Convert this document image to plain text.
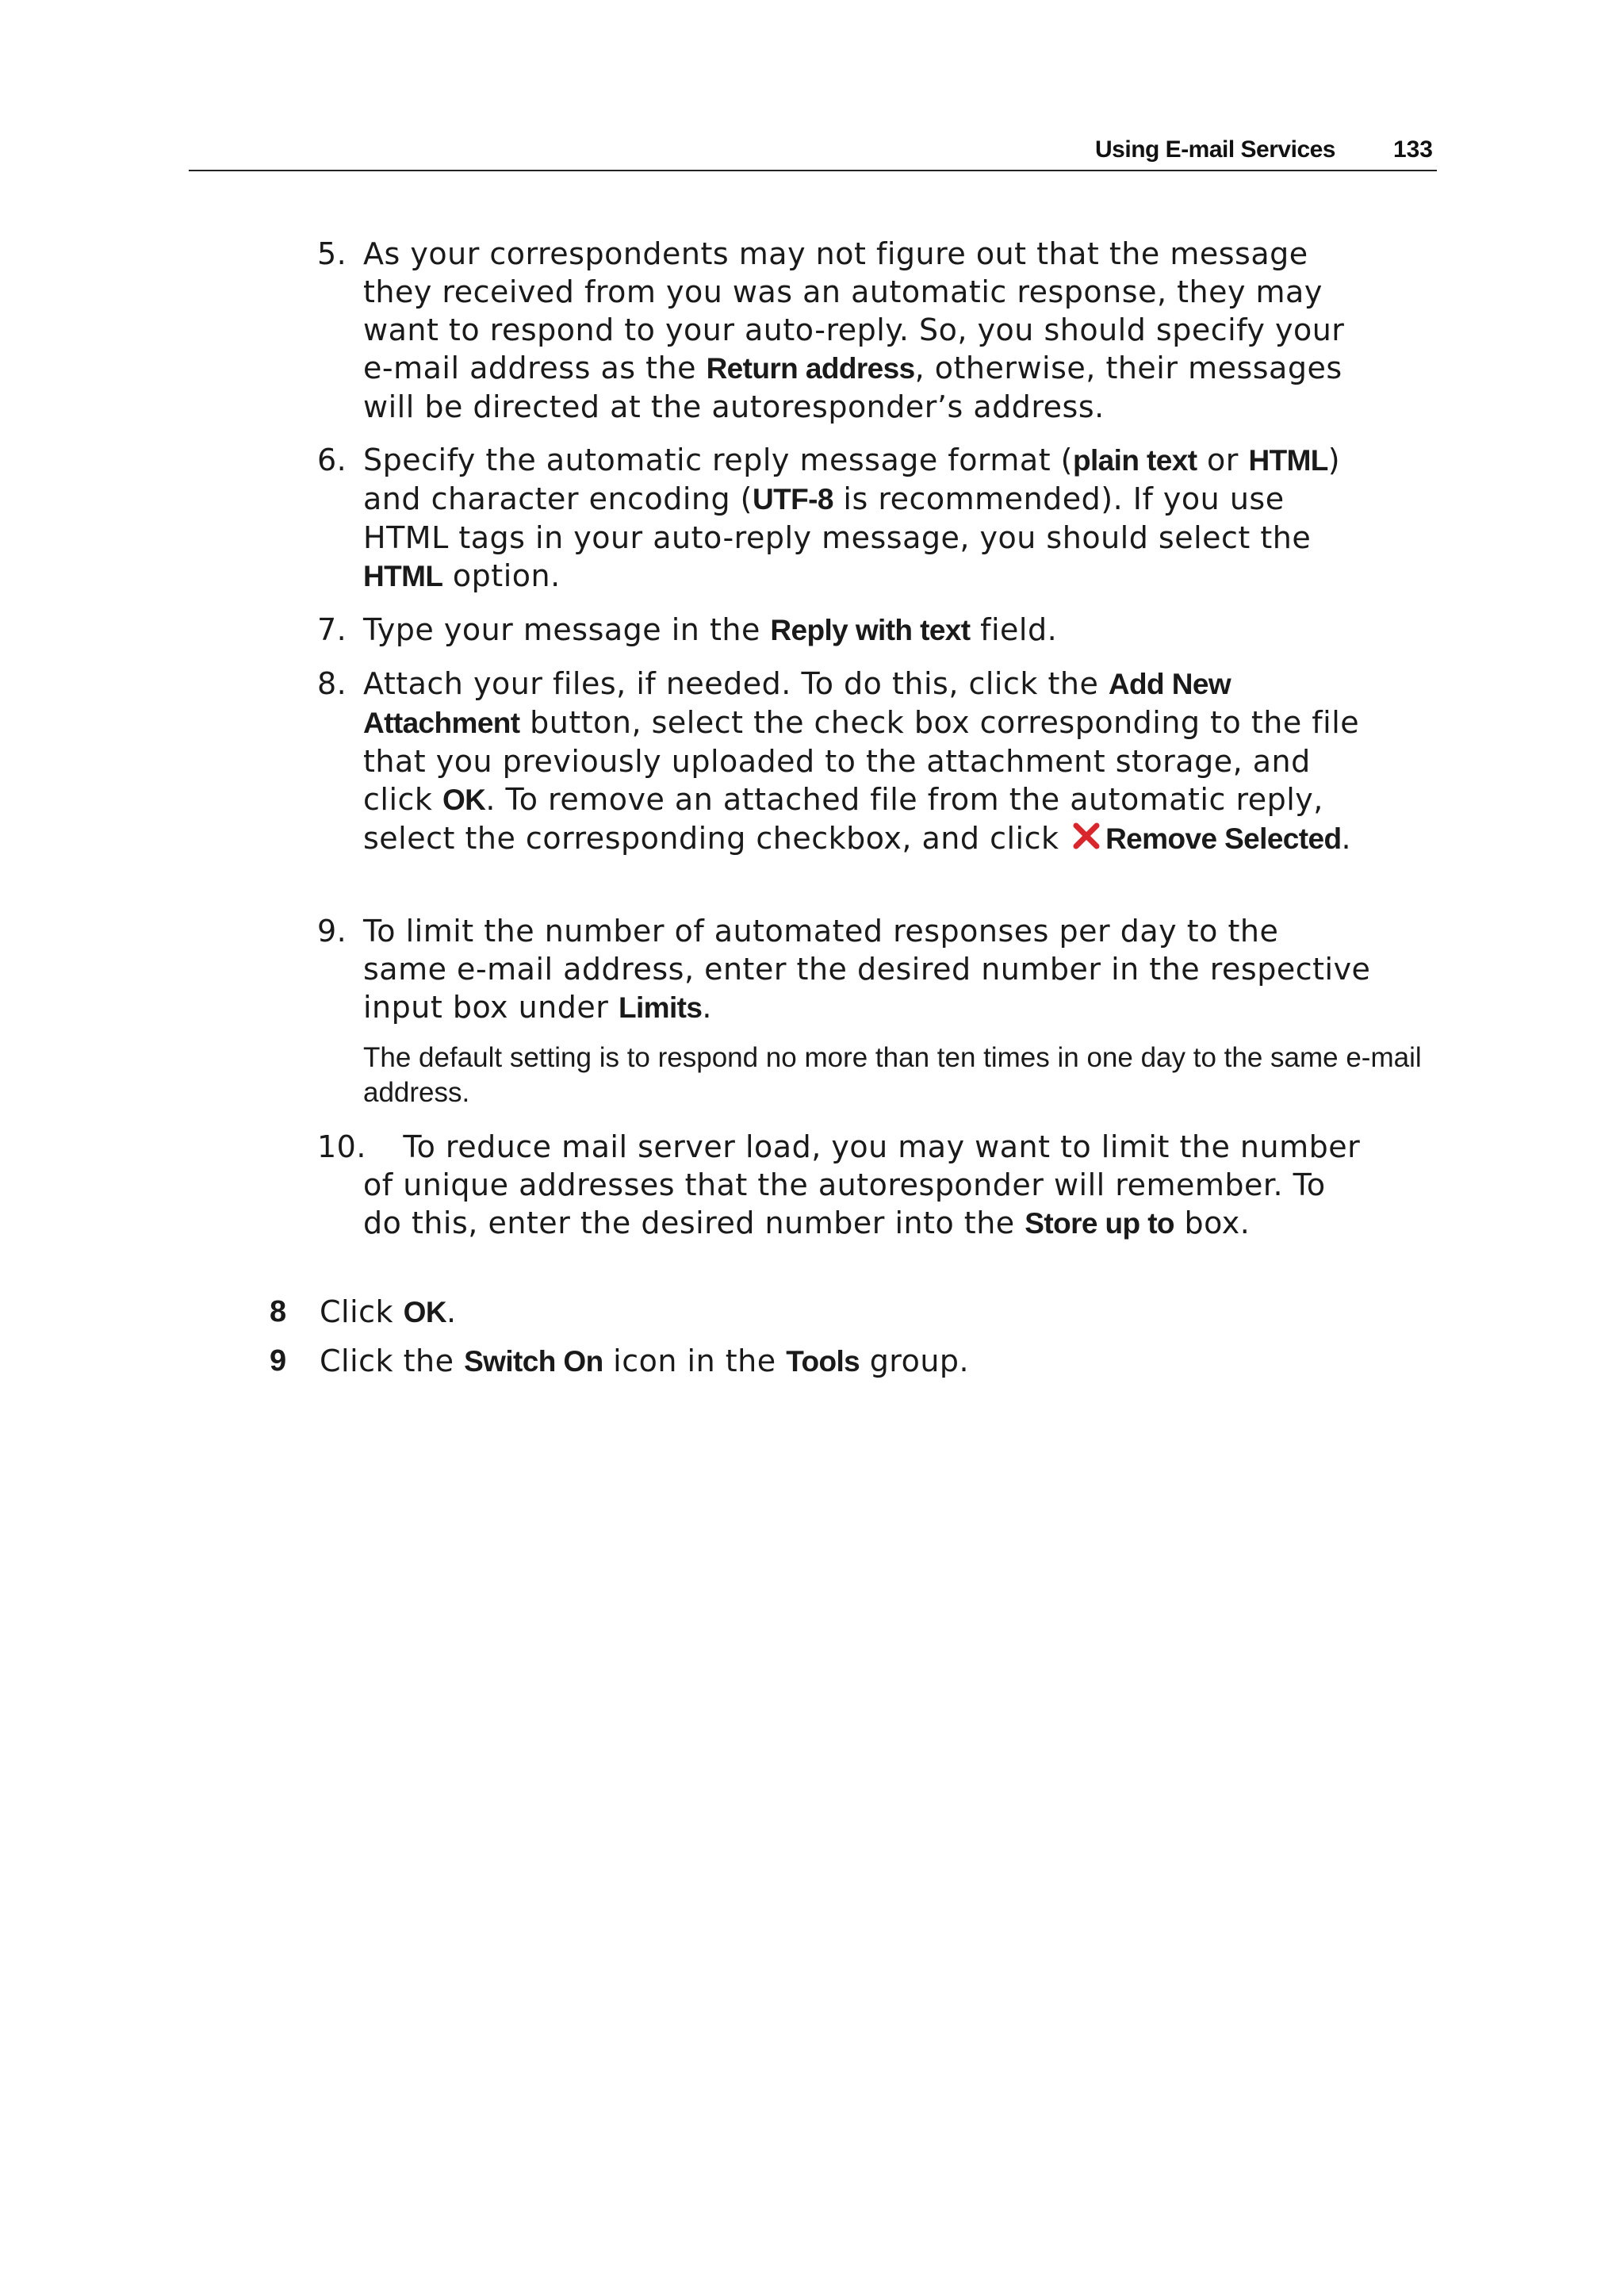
Using E-mail Services 133
5. As your correspondents may not figure out that the message they received from you was an automatic response, they may want to respond to your auto-reply. So, you should specify your e-mail address as the Return address, otherwise, their messages will be directed at the autoresponder’s address.
6. Specify the automatic reply message format (plain text or HTML) and character encoding (UTF-8 is recommended). If you use HTML tags in your auto-reply message, you should select the HTML option.
7. Type your message in the Reply with text field.
8. Attach your files, if needed. To do this, click the Add New Attachment button, select the check box corresponding to the file that you previously uploaded to the attachment storage, and click OK. To remove an attached file from the automatic reply, select the corresponding checkbox, and click Remove Selected.
9. To limit the number of automated responses per day to the same e-mail address, enter the desired number in the respective input box under Limits.
The default setting is to respond no more than ten times in one day to the same e-mail address.
10.
To reduce mail server load, you may want to limit the number of unique addresses that the autoresponder will remember. To do this, enter the desired number into the Store up to box.
8	Click OK.
9	Click the Switch On icon in the Tools group.
